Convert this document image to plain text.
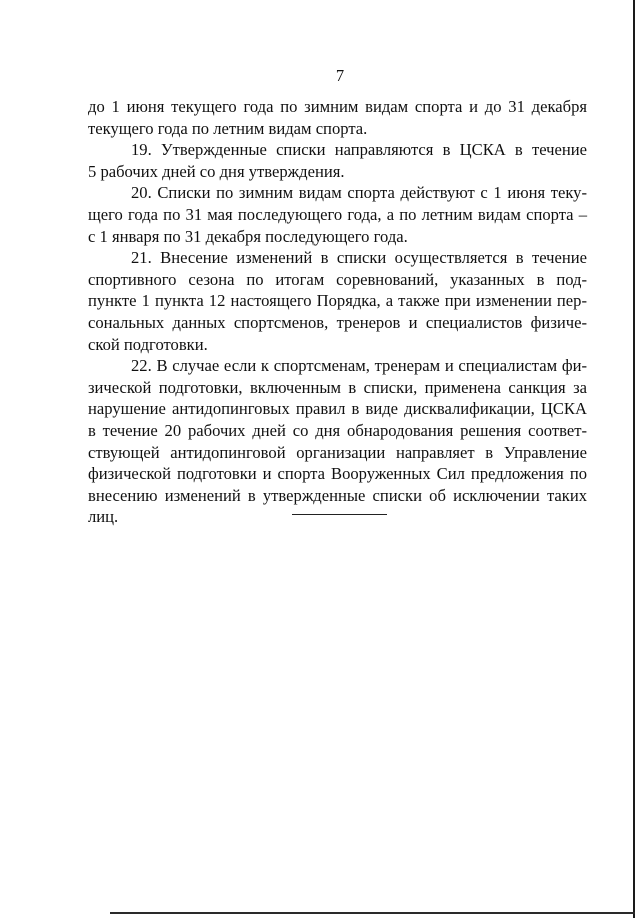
7
до 1 июня текущего года по зимним видам спорта и до 31 декабря
текущего года по летним видам спорта.
19. Утвержденные списки направляются в ЦСКА в течение
5 рабочих дней со дня утверждения.
20. Списки по зимним видам спорта действуют с 1 июня теку-
щего года по 31 мая последующего года, а по летним видам спорта –
с 1 января по 31 декабря последующего года.
21. Внесение изменений в списки осуществляется в течение
спортивного сезона по итогам соревнований, указанных в под-
пункте 1 пункта 12 настоящего Порядка, а также при изменении пер-
сональных данных спортсменов, тренеров и специалистов физиче-
ской подготовки.
22. В случае если к спортсменам, тренерам и специалистам фи-
зической подготовки, включенным в списки, применена санкция за
нарушение антидопинговых правил в виде дисквалификации, ЦСКА
в течение 20 рабочих дней со дня обнародования решения соответ-
ствующей антидопинговой организации направляет в Управление
физической подготовки и спорта Вооруженных Сил предложения по
внесению изменений в утвержденные списки об исключении таких
лиц.
